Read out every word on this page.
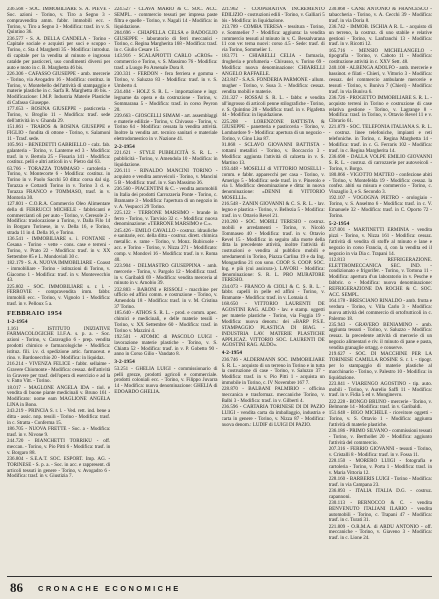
236.568 - SOC. IMMOBILIARE S. A. PIEVE - Soc. azioni - Torino, v. Tiro a Segno 3 - compravendita amm. fabbr. immobili ecc. - Torino, v. Tiro a Segno 3 - Modifica: trasf. in v. S. Quintino 36.
236.577 - S. A. DELLA CANDELA - Torino - Capitale sociale e acquisti per soci e scoppo - Torino, c. Sta 4 Marghetti 35 - Modifica: introduz. di capitale per la vendita al minuto e ingrosso catalde per pasticceri, uso condimenti diversi per auto e moto in c. B. Marghetta 46 bis.
226.306 - CAFASSO GIUSEPPE - amb. mercerie - Torino, via Avogadro 16 - Modifica: costituz. in Torino, v. Montebello dell'attività di stampaggio e materie plastiche in c. Sarfa R. Marghetta 46 bis. - Modificazione: I.M.P. Industria Materie Plastiche di Cafasso Giuseppe.
177.653 - ROSINA GIUSEPPE - pasticceria - Torino, v. Broglio 11 - Modifica: trasf. sede dell'attività in v. Ghanda 29.
151.861 - TRABOS & ROSINA GIUSEPPE e FIGLIO - fondita di ottone - Torino, v. Salamoni 11 - Trasf. sede.
105.961 - BENEDETTI GABRIELLO - calz. fab. galanteria - Torino, v. Lanterne ed 3 - Modifica: trasf. in v. Bertola 25 - Fissaria 141 - Modifica: costituz. pelli e altri articoli in v. Pietro dal 63.
63.766 - TORAZZA TOMMASO - cartoleria - Torino, v. Montecorte 6 - Modifica: costituz. in Torino in v. Paolo Sacchi 50 ditta: corsa dal sig. Torazza e Cottardi Torino in v. Torino 3 d. e. Torazza FRANCO e TOMMASO, trasf. in v. Montoria 30.
127.801 - C.O.R.A. Commercio Oleo Alimentare della di FERRUCCI MICHELE - fabbricanti e commercianti oli per auto - Torino, v. Ceresole 2 - Modifica: traslocazione a Torino, v. Dalla Filo 14 in Borgaro Torinese, in v. Della 16, e Torino, strada 11 in d. Della 16, e Torino.
136.541 - IMMOBILIARE s. i. FONTANE - Cesana - Torino - vette - cons. case e terreni - Torino, v. Prato 22 - Modifica: trasf. in v. XX Settembre 85 e L. Mondoviali 30 c.
182.179 - S. A. NUOVA IMMOBILIARE - Coasst - immobiliare - Torino - istituzioni di Torino, v. Giacomo 1 - Modifica: trasf. in v. Montevecchio 43.
225.802 - SOC. IMMOBILIARE s. r. l. - FERROVIE - compravendita imm. fabbr. immobili ecc. - Torino, v. Vignolo 1 - Modifica: trasf. in v. Pelloux 5 a.
FEBBRAIO 1954
1-2-1954
1.161 - ISTITUTO INIZIATIVE FARMACOLOGICHE I.I.F.A. s. p. a. - Soc. azioni - Torino, v. Caravaglio 6 - prep. vendita prodotti chimico e farmacologiche - Modifica: istituz. fili. i.v. d. spedizione artic. farmaceut. e rino. v. Bardonecchio 20 - Modifica: in liquidaz.
216.214 - VIVENZA FELICE - fabbr. sellaime - Gravere Chiomonte - Modifica: cessaz. dell'attività in Gravere per trasf. dell'opera di esercizio e ad la v. Fatto Vitt. - Torino.
18.017 - MAGLONE ANGELA IDA - tiol. e vendita di buone piante medicinali v. Bruno 161 - Modificato: nome eam MAGLIONE ANGELA LINA in Bono.
243.219 - PRINCIA S. r. l. - Ved. rett. ind. bene a ditta - assic. nnp. tessili - Torino - Modifica: trasf. in c. Stratta - Conferma 15.
186.705 - NUOVA FRETTE - Soc. a - Modifica: trasf. in v. Nivone 9.
244.720 - BIANCHETTI TORRIKU - off. meccan. - Torino, v. Pio Pitti 6 - Modifica: trasf. in v. Borgaro 88.
236.804 - S.E.A.T. SOC. ESPORT. Imp. AG. - TORINESE - S. p. a. - Soc. in acc. e rappresent. di articoli tessuti in genere - Torino, v. Avogadro 6 - Modifica: trasf. in v. Giustizia 7.
224.527 - CLAVA MARIO & C. SOC. ACC. SEMPL. - commercio tessuti per impresa paste filtra e quelle - Torino, v. Nagali 14 - Modifica: in liquidazione.
204.696 - CHIAPELLA CELSA e BADOGLIO GIUSEPPE - laboratorio di ferri meccanici - Torino, c. Regina Margherita 168 - Modifica: trasf. in c. Giulio Cesare 15.
143.916 - SCALAPIOTTI CARLO «CROS» - commercio e Torino, v. S. Massimo 76 - Modifica: trasf. a Luogo Po Arsenale Dora 8.
230.331 - FERDON - fera ferriera e gomma - Torino, v. Saluzzo 83 - Modifica: trasf. in v. S. Umberto 4.
234.404 - HOLZ S. R. L. - importazione e ingr. legname da opera e da costruzione - Torino, v. Sommarana 5 - Modifica: trasf. in corso Peyron 20.
239.663 - GIOSCELLI SIMAM - art. assemblaggi e materie edilizie - Torino, v. Chivasso - Torino, v. Torino 64 - Modifica: cessata la vendita attività. Inoltre la vendita art. tecnico sanitari e materiale elettrodomestico in v. Nazione 41.
2-2-1954
221.621 - STYLE PUBBLICITÀ S. R. L. - pubblicità - Torino, v. Amendola 10 - Modifica: in liquidazione.
226.111 - RINALDO MANCINI TORINO - acquisto e vendita autoveicoli - Torino, v. Mancini 5 B - Modifica: trasf. in v. San Massimo 36.
236.560 - PIACENTINI & C. - vendita automobili in Italia dei prodotti Carrozzeria Ponte - Torino, c. Bramante 3 - Modifica: l'apertura di un negozio in v. A. Vespucci 29 Torino.
225.122 - TERRONE MARSIMO - brande in ferro - Torino, v. Tarvisio 32 c. - Modifica: nuova denominazione: «TERRONE MARSIMO e C.».
245.426 - EMILO CAVALLO - costruz. idrauliche e sanitarie, ecc. della ditta - costruz. dirett. chimica metallic. e. rame - Torino, v. Monz. Rubicuole - acc. e Torino - Torino, v. Nizza 271 - Modificato: comp. v. Mondovì 16 - Modifica: trasf. in v. Roma 40.
223.904 - DELMASTRO GIUSEPPINA - amb. mercerie - Torino, v. Pargolo 12 - Modifica: trasf. in v. Garibaldi 69 - Modifica: vendita merceria al minuto in v. Arnobio 39.
232.883 - BARONI e RISSOLI - macchine per ufficio ed affini comm. e costruzione - Torino, v. Amendola 18 - Modifica: trasf. in v. M. Cristina 37 Torino.
185.640 - ATHOS S. R. L. - prod. e comm. apec. chimici e medicinali, e delle materie tessili - Torino, v. XX Settembre 60 - Modifica: trasf. in Torino v. Mazzini 4.
192.501 - ATOMIC di PASCOLO LUIGI - lavorazione materie plastiche - Torino, v. S. Chiatta 52 - Modifica: trasf. in v. P. Gobetto 90 - anno in Corso Gilio - Vandato 8.
3-2-1954
53.251 - GHELIA LUIGI - commissionario di pelli grezze, prodotti agricoli e commerciale. prodotti coloniali ecc. - Torino, v. Filippo Juvarra 14 - Modifica: nuova denominazione: GHELIA di EDOARDO GHELIA.
221.962 - COOPERATIVA INCREMENTO EDILIZIO - costruzioni edili - Torino, v. Galliari 5 bis - Modifica: in liquidazione.
213.789 - COMBA TERESA - tessitura - Torino, v. Sommelier 7 - Modifica: aggiunta: la vendita commercio tessuti al minuto in v. C. Bessalvarana 11 con ve: terna nuovi: corso 4.5 - Sede: trasf. di via Torino, Sommelier 1.
183.771 - CHIARELLI CELIA - farmacia, drogheria e profumeria - Chivasso, v. Torino 69 - Modifica: nuova denominazione: CHIARELLI ANGELO RAFFAELE.
243.847 - S.A.S. FONDERIA PARMONE - allum. mugher - Torino, v. Susa 3. - Modifica: cessaz. vendita mobili e materie.
231.327 - ROSSAI S. R. L. - fabbr. e vendita all'ingrosso di articoli penne stilografiche - Torino, v. S. Quintino 28 - Modifica: trasf. in v. Pigafetta 44 - Modifica: in liquidazione.
225.208 - LORENZONE BATTISTA & GIUSEPPE - panetteria e pasticceria - Torino, v. Lombardore 9 - Modifica: apertura di un negozio - Torino, v. Gino Lisa 87.
91.868 - SCLAVO GIOVANNI BATTISTA - rottami metallici - Torino, v. Boccaccio 3 - Modifica: aggiunta l'attività di calzetta in v. S. Martino 13.
193.448 - MOSELLI di VITTORIO MOSELLI - comm. e fabbr. apparecchi per casa - Torino, v. Amerigo 5 - Modifica: sede trasf. in v. Pinerolo e via 1. Modifica: denominazione e ditta: in nuova denominazione: «DENNI di VITTORIO MOSELLI».
216.548 - ZANIN GIOVANNI & C. S. R. L. - lav. legno e plastica - Torino, v. Bellezia 5 - Modifica: trasf. in v. Ottavio Revel 21.
210.260 - SOC. MOBILI TERESIO - costruz. mobili e arredamenti - Torino, v. Nicolò Tommaseo 40 - Modifica: trasf. in v. Ottavio Revel 15 - Modifica: in seguito alla morte della ditta la precedente attività, inoltre l'attività di costruzioni e vendita al pubblico mobili e arredamenti in Torino, Piazza Carlina 19 e da Ing. Mongardino 21 con sono. COOP. S. COOP. SOC. Ing. e più (cui assicura-). LAVORI - Modifica: denominazione: S. R. L. PRO MURATORE TERESIO.
234.073 - FRANCO & CIOLI & C. S. R. L. - fabbr. capelli in pelle ed affini - Torino, v. Bramante - Modifica: trasf. in v. Lomaia 4.
168.650 - VITTORIO LAURENTI DE AGOSTINI RAG. ALDO - lav. e stamp. oggetti per materie plastiche - Torino, via Foggia 19 - Modifica: nuova denom.: dei «BARP P.S.E. STAMPAGGIO PLASTICA DI BIAG. - INDUSTRIA LAV. MATERIE PLASTICHE APPLICAZ. VITTORIO SOC. LAURENTI DE AGOSTINI RAG. ALDO».
4-2-1954
236.746 - ALDERMANN SOC. IMMOBILIARE S. R. L. - acquisto di un terreno in Torino e in tutta la costruzione di case - Torino, v. Saluzzo 37 - Modifica: trasf. in v. Pio Pitti 1 - acquista un immobile in Torino, c. IV Novembre 167 7.
228.870 - BALBANI PALMIRIO - officina meccanica e trasformaz. meccaniche Torino, v. Balbi 3 - Modifica: trasf. in v. Gilberti 4.
236.596 - CARTARIA TORINESE DI DI PAZIO LUIGI - vendita carta da imballaggio, industria e carta in genere - Torino, v. Nizza 87 - Modifica: nuova denom.: LUDIF di LUIGI DI PAZIO.
230.868 - CANE ANTONIO & FRANCESCO - tabaccheria - Torino, v. A. Cecchi 39 - Modifica: trasf. in via Doria 8.
236.742 - IMMOB. ISCHIA A R. L. - acquisto di un terreno, la costruz. di uno stabile e relative gestioni - Torino, v. Lanfranchi 13 - Modifica: trasf. in v. Ricotti 12.
165.716 - MENSIO MICHELANGELO - tipografia - Torino, v. Caboto 11 - Modifica: costituzione attività in c. XXV Sett. 48.
240.108 - ALBENGA ADOLFO - amb. mercerie e bassinot. e filati - Chieri, v. Vittorio 3 - Modifica: cessaz. del commercio ambulante mercerie e tessuti - Torino, v. Buniva 7 (Chieri) - Modifica: trasf. in via Buniva 6.
236.726 - PROGETTO IMMOBILIARE S. R. L. - acquisto terreni in Torino e costruzione di case relativa gestione - Torino, v. Lagrange 8 - Modifica: trasf. in Torino, v. Ottavio Revel 11 e v. Cibrario 61.
221.879 - SOC. TELEFONIA ITALIANA S. R. L. - costruz. linee telefoniche, impianti e reti telefoniche. in Torino, c. Regina Marghetta 14 - Modifica: trasf. in c. G. Ferraris 102 - Modifica: trasf. in c. Regina Margherita 14.
236.698 - DALLA VOLPE EMILIO GIOVANNI S. R. L. - costruz. di carrozzerie per autoveicoli - Torino, v. Borgo.
180.866 - VIGOTTO MATTEO - confezione abiti - Torino, v. Montefelda 19 - Modifica: cessaz. la confez. abiti su misura e commercio - Torino, c. Vinzaglio 3, e S. Secondo 3.
192.107 - VOGOGNA PIETRO - orologiaio - Torino, v. S. Anselmo 6 - Modifica: trasf. in c. V. Emanuele 32 - Modifica: trasf. in C. Oporto 72 - Torino.
5-2-1954
237.001 - MARTINETTI ERMINIA - vendita pizzi - Torino, v. Nizza 161 - Modifica: cessaz. l'attività di vendita di stoffe al minuto e lane e negozio in corso Francia, 4, con la vendita ed il negozio in via Dia c. Trapani 14.
112.813 - REFRIGERAZIONE. ELETTROMECCANICA SEC. IND. - condizionato e frigorifer. - Torino, v. Tortona 11 - Modifica: apertura d'un laboratorio in v. Pesche e fabbric. o - Modifica: nuova denominazione: REFRIGERAZIONE DA ROCHE & C. SOC. ACC. SEMPL.
164.178 - BRESCIANO RINALDO - amb. frutta e verdura - Torino, v. Villa Carlo 3 - Modifica: nuova attività del commercio di ortofrutticoli in c. Palermo 18.
235.943 - GRAVERO BENIAMINO - amb. aggiunta tessuti - Torino, v. Saluzzo - Modifica: cessaz. la precedente attività di mercerie di un negozio alimentari e riv. il minuto di pane e pasta, vendita granaglie ortagg. e conserve.
219.627 - SOC. DI MACCHINE PER LA TORINESE CAMILLA ROSINE S. r. l. - tipogr. per lo stampaggio di materie plastiche al macchinario - Torino, v. Palestro 10 - Modifica: in liquidazione.
223.841 - VIARENGO AGOSTINO - tip. auto. mobili - Torino, v. Aurelio Saffi 11 - Modifica: trasf. in v. Fidia 5 ed v. Monginevro.
222.228 - BONGO BRUNO - mercerie - Torino, v. Belmonte 14 - Modifica: trasf. in v. Garibaldi.
151.648 - BIGO MICHELE - ricevitore oggetti - Torino, v. S. Ottavio 1 - Modifica: aggiunta l'attività di materie plastiche.
236.186 - PRIMO SILVANO - commissioni tessuti - Torino, v. Berthollet 20 - Modifica: aggiunto l'attività del commercio.
207.316 - FERRIO GIOVANNI - tessuti - Torino, v. Cristalli 8 - Modifica: trasf. in v. Fossa 11.
228.150 - MORERO LUIGI - fotografia e cartoleria - Torino, v. Porta 1 - Modifica: trasf. in v. Maria Vittoria 12.
228.160 - BARBERIS LUIGI - Torino - Modifica: trasf. in via Campana 23.
236.893 - ITALIA ITALIA D.G. - costruz. capannoni.
230.113 - BERNOCCO & C. - vendita BENVENUTO ITALIANI ILARIO - vendita automobili - Torino, c. Trapani 47 - Modifica: trasf. in c. Turati 31.
221.809 - O.R.M.A. di ARDU ANTONIO - off. meccaniche - Torino, v. Giaveno 3 - Modifica: trasf. in c. Lione 24.
86 CRONACHE ECONOMICHE
